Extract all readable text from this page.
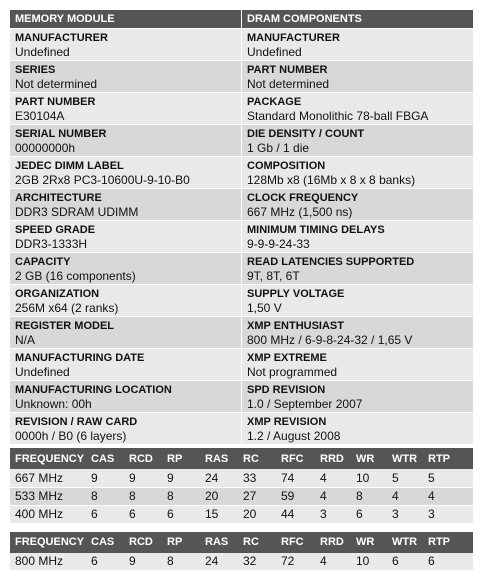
MEMORY MODULE
MANUFACTURER
Undefined
SERIES
Not determined
PART NUMBER
E30104A
SERIAL NUMBER
00000000h
JEDEC DIMM LABEL
2GB 2Rx8 PC3-10600U-9-10-B0
ARCHITECTURE
DDR3 SDRAM UDIMM
SPEED GRADE
DDR3-1333H
CAPACITY
2 GB (16 components)
ORGANIZATION
256M x64 (2 ranks)
REGISTER MODEL
N/A
MANUFACTURING DATE
Undefined
MANUFACTURING LOCATION
Unknown: 00h
REVISION / RAW CARD
0000h / B0 (6 layers)
DRAM COMPONENTS
MANUFACTURER
Undefined
PART NUMBER
Not determined
PACKAGE
Standard Monolithic 78-ball FBGA
DIE DENSITY / COUNT
1 Gb / 1 die
COMPOSITION
128Mb x8 (16Mb x 8 x 8 banks)
CLOCK FREQUENCY
667 MHz (1,500 ns)
MINIMUM TIMING DELAYS
9-9-9-24-33
READ LATENCIES SUPPORTED
9T, 8T, 6T
SUPPLY VOLTAGE
1,50 V
XMP ENTHUSIAST
800 MHz / 6-9-8-24-32 / 1,65 V
XMP EXTREME
Not programmed
SPD REVISION
1.0 / September 2007
XMP REVISION
1.2 / August 2008
FREQUENCY	CAS	RCD	RP	RAS	RC	RFC	RRD	WR	WTR	RTP
667 MHz	9	9	9	24	33	74	4	10	5	5
533 MHz	8	8	8	20	27	59	4	8	4	4
400 MHz	6	6	6	15	20	44	3	6	3	3
FREQUENCY	CAS	RCD	RP	RAS	RC	RFC	RRD	WR	WTR	RTP
800 MHz	6	9	8	24	32	72	4	10	6	6
